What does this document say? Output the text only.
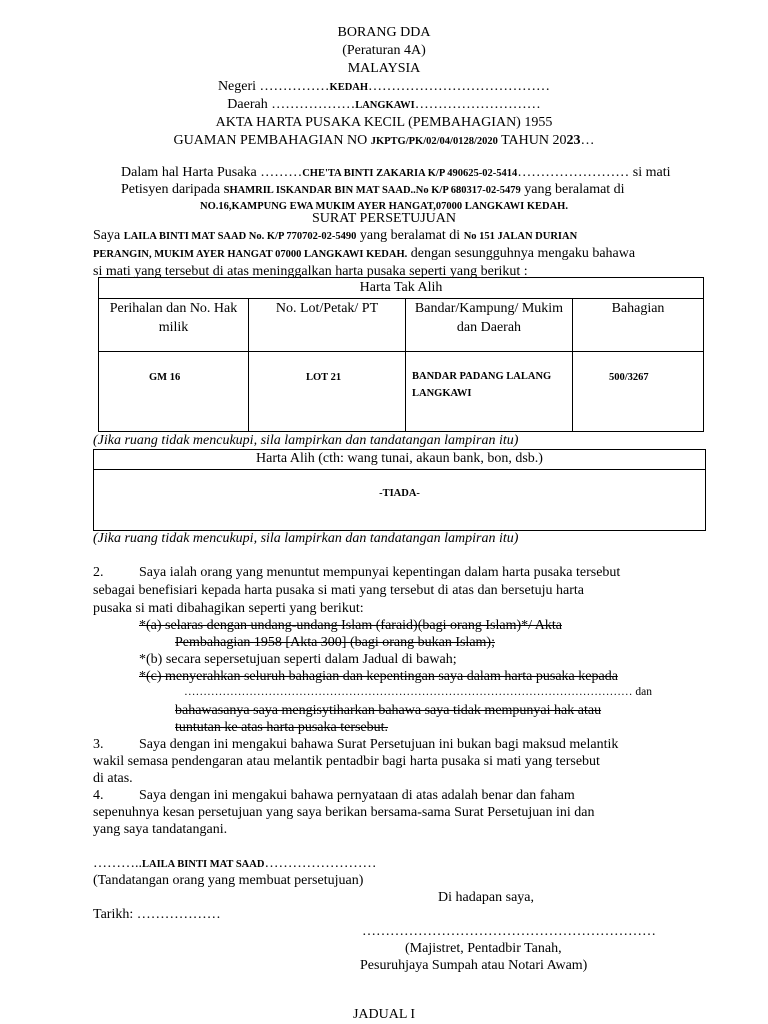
BORANG DDA
(Peraturan 4A)
MALAYSIA
Negeri ……………KEDAH…………………………………
Daerah ………………LANGKAWI………………………
AKTA HARTA PUSAKA KECIL (PEMBAHAGIAN) 1955
GUAMAN PEMBAHAGIAN NO JKPTG/PK/02/04/0128/2020 TAHUN 2023…
Dalam hal Harta Pusaka ………CHE'TA BINTI ZAKARIA K/P 490625-02-5414…………………… si mati
Petisyen daripada SHAMRIL ISKANDAR BIN MAT SAAD..No K/P 680317-02-5479 yang beralamat di
NO.16,KAMPUNG EWA MUKIM AYER HANGAT,07000 LANGKAWI KEDAH.
SURAT PERSETUJUAN
Saya LAILA BINTI MAT SAAD No. K/P 770702-02-5490 yang beralamat di No 151 JALAN DURIAN
PERANGIN, MUKIM AYER HANGAT 07000 LANGKAWI KEDAH. dengan sesungguhnya mengaku bahawa
si mati yang tersebut di atas meninggalkan harta pusaka seperti yang berikut :
Harta Tak Alih			
Perihalan dan No. Hak milik	No. Lot/Petak/ PT	Bandar/Kampung/ Mukim dan Daerah	Bahagian
GM 16	LOT 21	BANDAR PADANG LALANG LANGKAWI	500/3267
(Jika ruang tidak mencukupi, sila lampirkan dan tandatangan lampiran itu)
Harta Alih (cth: wang tunai, akaun bank, bon, dsb.)
-TIADA-
(Jika ruang tidak mencukupi, sila lampirkan dan tandatangan lampiran itu)
2.	Saya ialah orang yang menuntut mempunyai kepentingan dalam harta pusaka tersebut
sebagai benefisiari kepada harta pusaka si mati yang tersebut di atas dan bersetuju harta
pusaka si mati dibahagikan seperti yang berikut:
*(a) selaras dengan undang-undang Islam (faraid)(bagi orang Islam)*/ Akta
Pembahagian 1958 [Akta 300] (bagi orang bukan Islam);
*(b) secara sepersetujuan seperti dalam Jadual di bawah;
*(c) menyerahkan seluruh bahagian dan kepentingan saya dalam harta pusaka kepada
……………………………………………………………………………………………………… dan
bahawasanya saya mengisytiharkan bahawa saya tidak mempunyai hak atau
tuntutan ke atas harta pusaka tersebut.
3.	Saya dengan ini mengakui bahawa Surat Persetujuan ini bukan bagi maksud melantik
wakil semasa pendengaran atau melantik pentadbir bagi harta pusaka si mati yang tersebut
di atas.
4.	Saya dengan ini mengakui bahawa pernyataan di atas adalah benar dan faham
sepenuhnya kesan persetujuan yang saya berikan bersama-sama Surat Persetujuan ini dan
yang saya tandatangani.
………..LAILA BINTI MAT SAAD……………………
(Tandatangan orang yang membuat persetujuan)
Di hadapan saya,
Tarikh: ………………
………………………………………………………
(Majistret, Pentadbir Tanah,
Pesuruhjaya Sumpah atau Notari Awam)
JADUAL I
